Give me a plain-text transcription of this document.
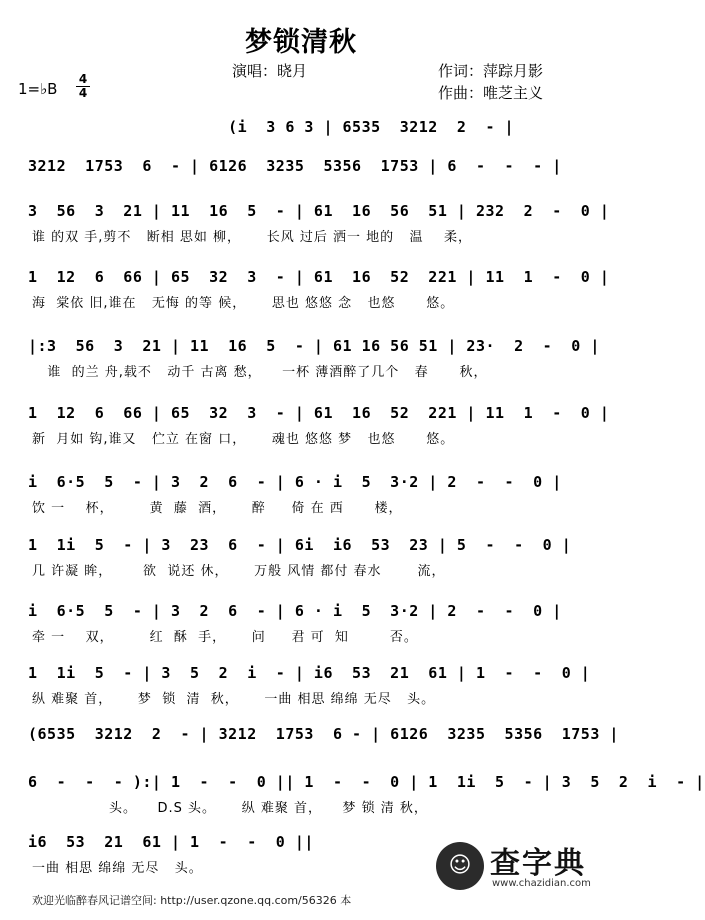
梦锁清秋
演唱：晓月	作词：萍踪月影
作曲：唯芝主义
1=♭B
4
4
(i  3 6 3 | 6535  3212  2  - |
3212  1753  6  - | 6126  3235  5356  1753 | 6  -  -  - |
3  56  3  21 | 11  16  5  - | 61  16  56  51 | 232  2  -  0 |
谁 的双 手,剪不   断相 思如 柳，     长风 过后 洒一 地的   温    柔，
1  12  6  66 | 65  32  3  - | 61  16  52  221 | 11  1  -  0 |
海  棠依 旧,谁在   无悔 的等 候，     思也 悠悠 念   也悠      悠。
|:3  56  3  21 | 11  16  5  - | 61 16 56 51 | 23·  2  -  0 |
谁  的兰 舟,载不   动千 古离 愁，    一杯 薄酒醉了几个   春      秋，
1  12  6  66 | 65  32  3  - | 61  16  52  221 | 11  1  -  0 |
新  月如 钩,谁又   伫立 在窗 口，     魂也 悠悠 梦   也悠      悠。
i  6·5  5  - | 3  2  6  - | 6 · i  5  3·2 | 2  -  -  0 |
饮 一    杯，       黄  藤  酒，     醉     倚 在 西      楼，
1  1i  5  - | 3  23  6  - | 6i  i6  53  23 | 5  -  -  0 |
几 许凝 眸，      欲  说还 休，     万般 风情 都付 春水       流，
i  6·5  5  - | 3  2  6  - | 6 · i  5  3·2 | 2  -  -  0 |
牵 一    双，       红  酥  手，     问     君 可  知        否。
1  1i  5  - | 3  5  2  i  - | i6  53  21  61 | 1  -  -  0 |
纵 难聚 首，     梦  锁  清  秋，     一曲 相思 绵绵 无尽   头。
(6535  3212  2  - | 3212  1753  6 - | 6126  3235  5356  1753 |
6  -  -  - ):| 1  -  -  0 || 1  -  -  0 | 1  1i  5  - | 3  5  2  i  - |
头。    D.S 头。     纵 难聚 首，    梦 锁 清 秋，
i6  53  21  61 | 1  -  -  0 ||
一曲 相思 绵绵 无尽   头。	☺ 查字典
www.chazidian.com
欢迎光临醉春风记谱空间: http://user.qzone.qq.com/56326 本
